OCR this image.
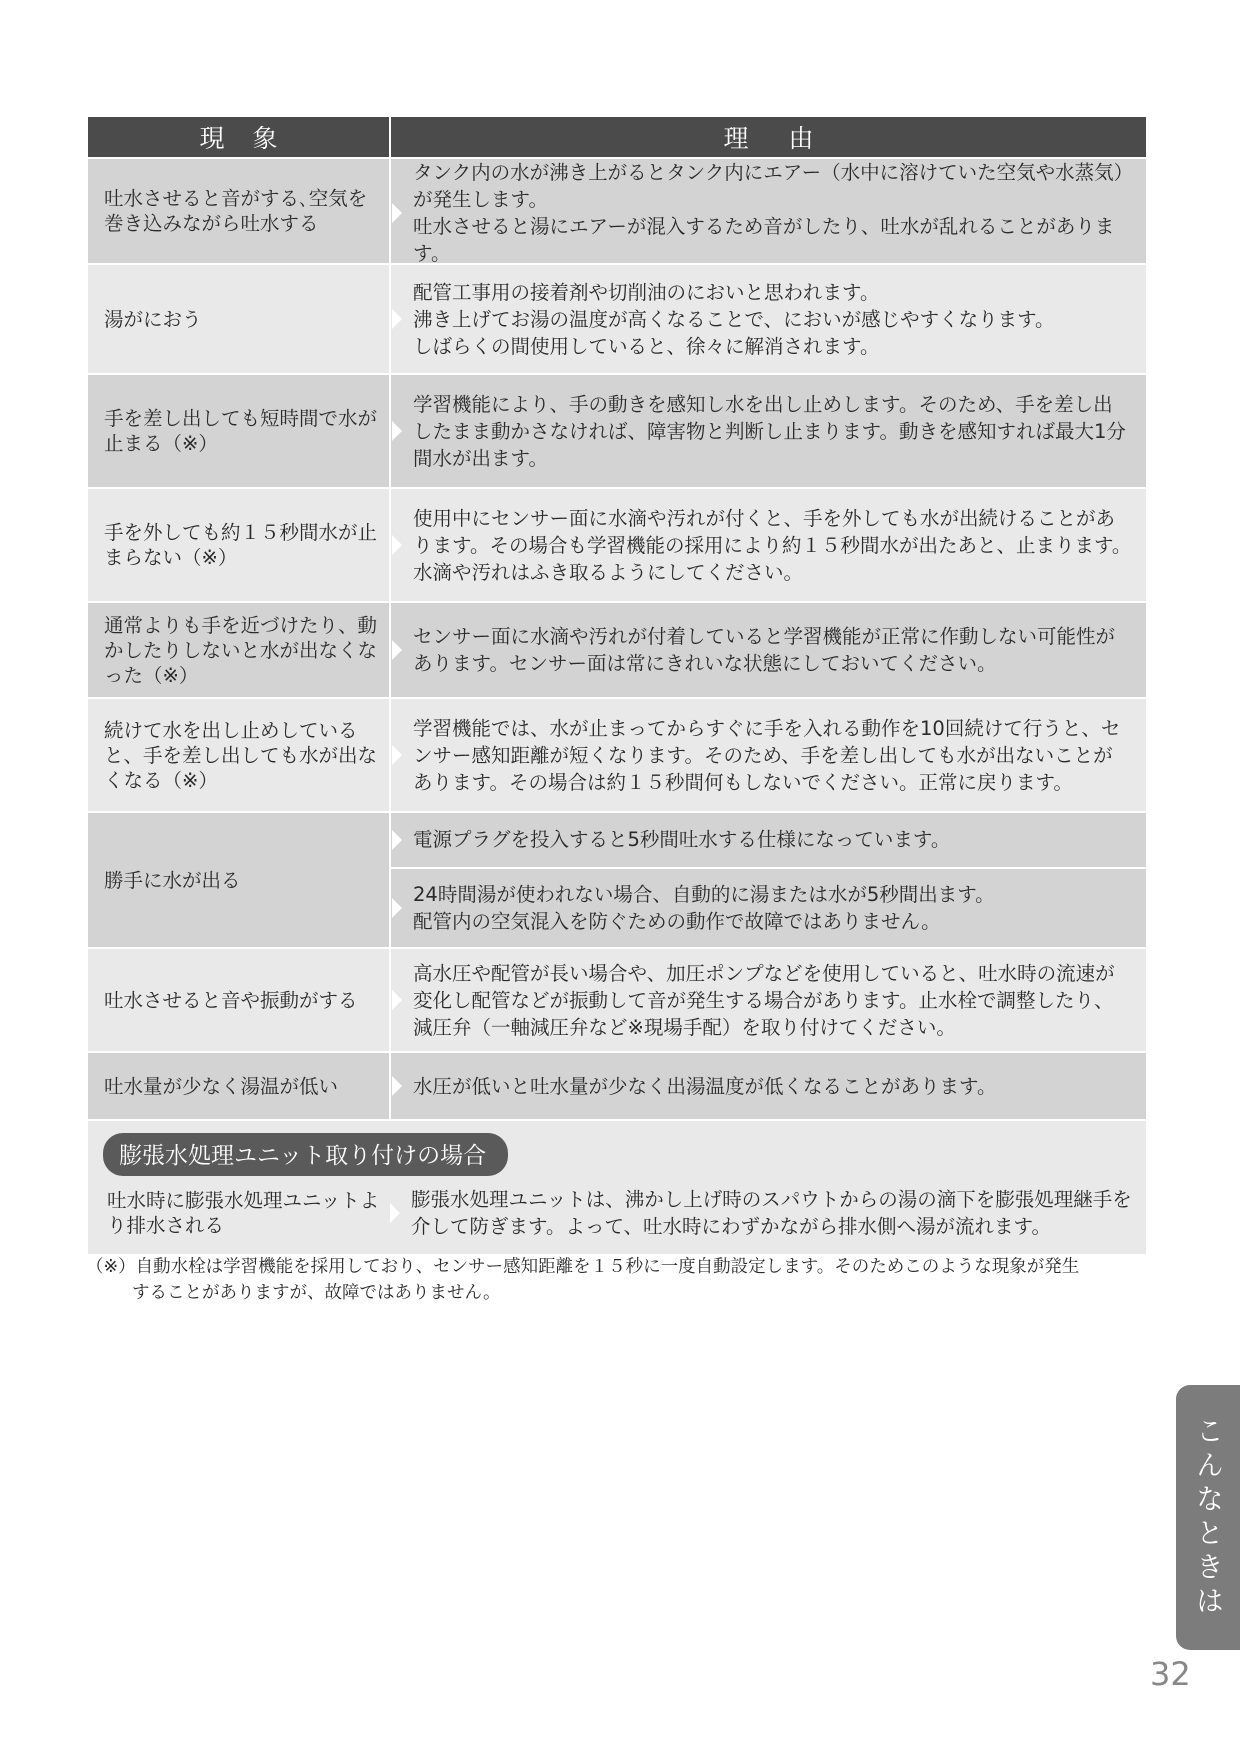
現象	理由
吐水させると音がする､空気を巻き込みながら吐水する
タンク内の水が沸き上がるとタンク内にエアー（水中に溶けていた空気や水蒸気）が発生します。
吐水させると湯にエアーが混入するため音がしたり、吐水が乱れることがあります。
湯がにおう
配管工事用の接着剤や切削油のにおいと思われます。
沸き上げてお湯の温度が高くなることで、においが感じやすくなります。
しばらくの間使用していると、徐々に解消されます。
手を差し出しても短時間で水が止まる（※）
学習機能により、手の動きを感知し水を出し止めします。そのため、手を差し出したまま動かさなければ、障害物と判断し止まります。動きを感知すれば最大1分間水が出ます。
手を外しても約１５秒間水が止まらない（※）
使用中にセンサー面に水滴や汚れが付くと、手を外しても水が出続けることがあります。その場合も学習機能の採用により約１５秒間水が出たあと、止まります。水滴や汚れはふき取るようにしてください。
通常よりも手を近づけたり、動かしたりしないと水が出なくなった（※）
センサー面に水滴や汚れが付着していると学習機能が正常に作動しない可能性があります。センサー面は常にきれいな状態にしておいてください。
続けて水を出し止めしていると、手を差し出しても水が出なくなる（※）
学習機能では、水が止まってからすぐに手を入れる動作を10回続けて行うと、センサー感知距離が短くなります。そのため、手を差し出しても水が出ないことがあります。その場合は約１５秒間何もしないでください。正常に戻ります。
勝手に水が出る
電源プラグを投入すると5秒間吐水する仕様になっています。
24時間湯が使われない場合、自動的に湯または水が5秒間出ます。
配管内の空気混入を防ぐための動作で故障ではありません。
吐水させると音や振動がする
高水圧や配管が長い場合や、加圧ポンプなどを使用していると、吐水時の流速が変化し配管などが振動して音が発生する場合があります。止水栓で調整したり、減圧弁（一軸減圧弁など※現場手配）を取り付けてください。
吐水量が少なく湯温が低い	水圧が低いと吐水量が少なく出湯温度が低くなることがあります。
膨張水処理ユニット取り付けの場合
吐水時に膨張水処理ユニットより排水される
膨張水処理ユニットは、沸かし上げ時のスパウトからの湯の滴下を膨張処理継手を介して防ぎます。よって、吐水時にわずかながら排水側へ湯が流れます。
（※）自動水栓は学習機能を採用しており、センサー感知距離を１５秒に一度自動設定します。そのためこのような現象が発生
することがありますが、故障ではありません。
こんなときは
32
